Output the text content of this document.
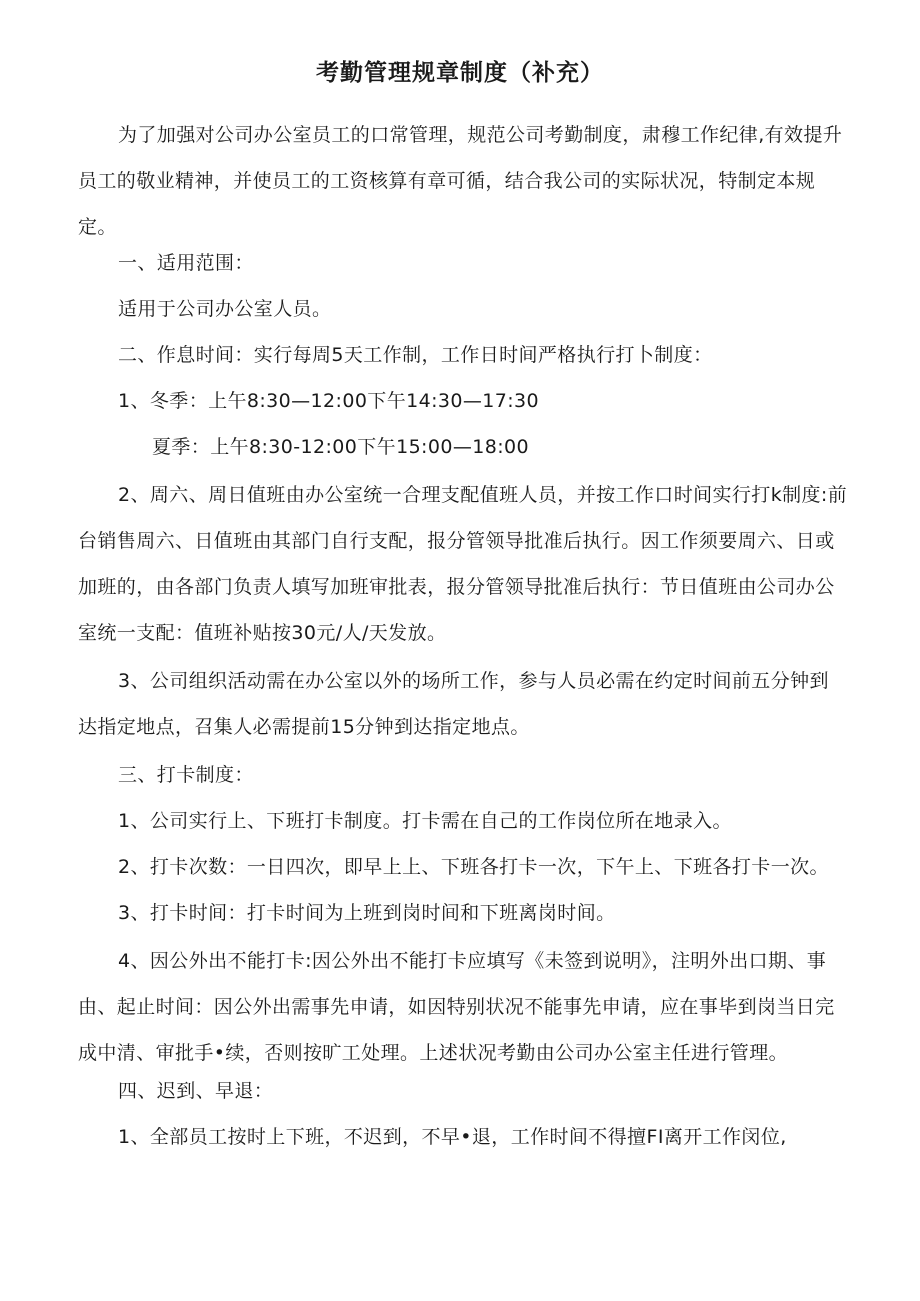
考勤管理规章制度（补充）

为了加强对公司办公室员工的口常管理，规范公司考勤制度，肃穆工作纪律,有效提升员工的敬业精神，并使员工的工资核算有章可循，结合我公司的实际状况，特制定本规定。

一、适用范围：
适用于公司办公室人员。
二、作息时间：实行每周5天工作制，工作日时间严格执行打卜制度：
1、冬季：上午8:30—12:00下午14:30—17:30
夏季：上午8:30-12:00下午15:00—18:00

2、周六、周日值班由办公室统一合理支配值班人员，并按工作口时间实行打k制度:前台销售周六、日值班由其部门自行支配，报分管领导批准后执行。因工作须要周六、日或加班的，由各部门负责人填写加班审批表，报分管领导批准后执行：节日值班由公司办公室统一支配：值班补贴按30元/人/天发放。

3、公司组织活动需在办公室以外的场所工作，参与人员必需在约定时间前五分钟到达指定地点，召集人必需提前15分钟到达指定地点。

三、打卡制度：
1、公司实行上、下班打卡制度。打卡需在自己的工作岗位所在地录入。
2、打卡次数：一日四次，即早上上、下班各打卡一次，下午上、下班各打卡一次。
3、打卡时间：打卡时间为上班到岗时间和下班离岗时间。

4、因公外出不能打卡:因公外出不能打卡应填写《未签到说明》，注明外出口期、事由、起止时间：因公外出需事先申请，如因特别状况不能事先申请，应在事毕到岗当日完成中清、审批手•续，否则按旷工处理。上述状况考勤由公司办公室主任进行管理。

四、迟到、早退：
1、全部员工按时上下班，不迟到，不早•退，工作时间不得擅FI离开工作闵位,
